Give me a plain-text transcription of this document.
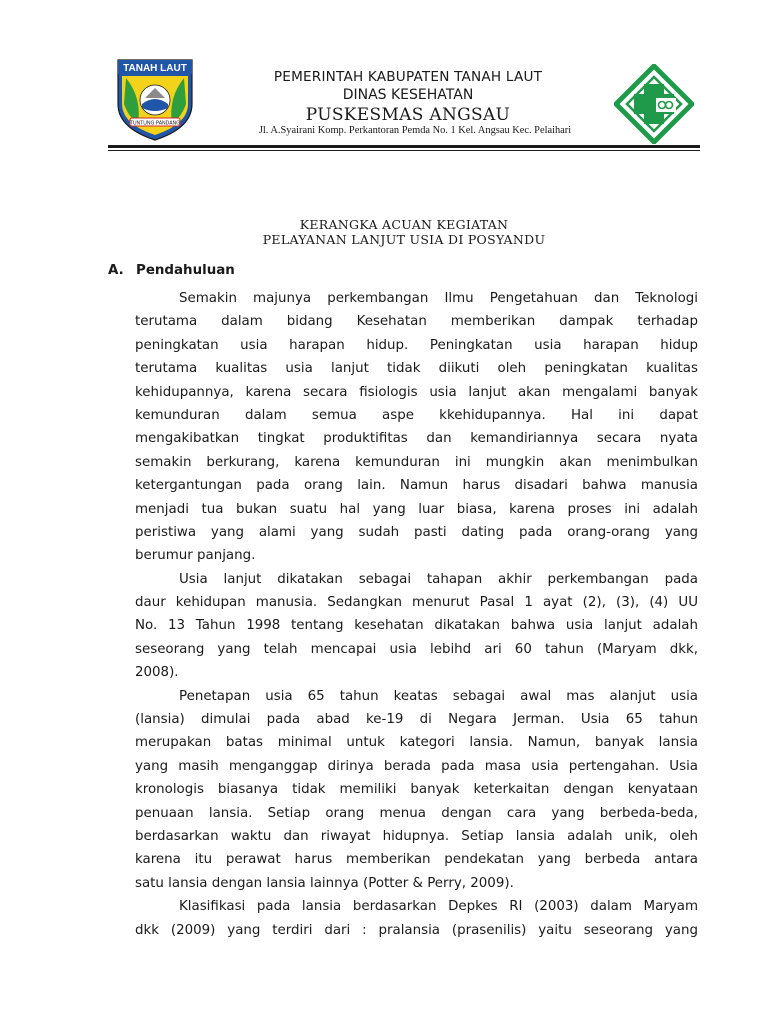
TANAH LAUT
TUNTUNG PANDANG
PEMERINTAH KABUPATEN TANAH LAUT
DINAS KESEHATAN
PUSKESMAS ANGSAU
Jl. A.Syairani Komp. Perkantoran Pemda No. 1 Kel. Angsau Kec. Pelaihari
KERANGKA ACUAN KEGIATAN
PELAYANAN LANJUT USIA DI POSYANDU
A. Pendahuluan
Semakin majunya perkembangan Ilmu Pengetahuan dan Teknologi
terutama dalam bidang Kesehatan memberikan dampak terhadap
peningkatan usia harapan hidup. Peningkatan usia harapan hidup
terutama kualitas usia lanjut tidak diikuti oleh peningkatan kualitas
kehidupannya, karena secara fisiologis usia lanjut akan mengalami banyak
kemunduran dalam semua aspe kkehidupannya. Hal ini dapat
mengakibatkan tingkat produktifitas dan kemandiriannya secara nyata
semakin berkurang, karena kemunduran ini mungkin akan menimbulkan
ketergantungan pada orang lain. Namun harus disadari bahwa manusia
menjadi tua bukan suatu hal yang luar biasa, karena proses ini adalah
peristiwa yang alami yang sudah pasti dating pada orang-orang yang
berumur panjang.
Usia lanjut dikatakan sebagai tahapan akhir perkembangan pada
daur kehidupan manusia. Sedangkan menurut Pasal 1 ayat (2), (3), (4) UU
No. 13 Tahun 1998 tentang kesehatan dikatakan bahwa usia lanjut adalah
seseorang yang telah mencapai usia lebihd ari 60 tahun (Maryam dkk,
2008).
Penetapan usia 65 tahun keatas sebagai awal mas alanjut usia
(lansia) dimulai pada abad ke-19 di Negara Jerman. Usia 65 tahun
merupakan batas minimal untuk kategori lansia. Namun, banyak lansia
yang masih menganggap dirinya berada pada masa usia pertengahan. Usia
kronologis biasanya tidak memiliki banyak keterkaitan dengan kenyataan
penuaan lansia. Setiap orang menua dengan cara yang berbeda-beda,
berdasarkan waktu dan riwayat hidupnya. Setiap lansia adalah unik, oleh
karena itu perawat harus memberikan pendekatan yang berbeda antara
satu lansia dengan lansia lainnya (Potter & Perry, 2009).
Klasifikasi pada lansia berdasarkan Depkes RI (2003) dalam Maryam
dkk (2009) yang terdiri dari : pralansia (prasenilis) yaitu seseorang yang
